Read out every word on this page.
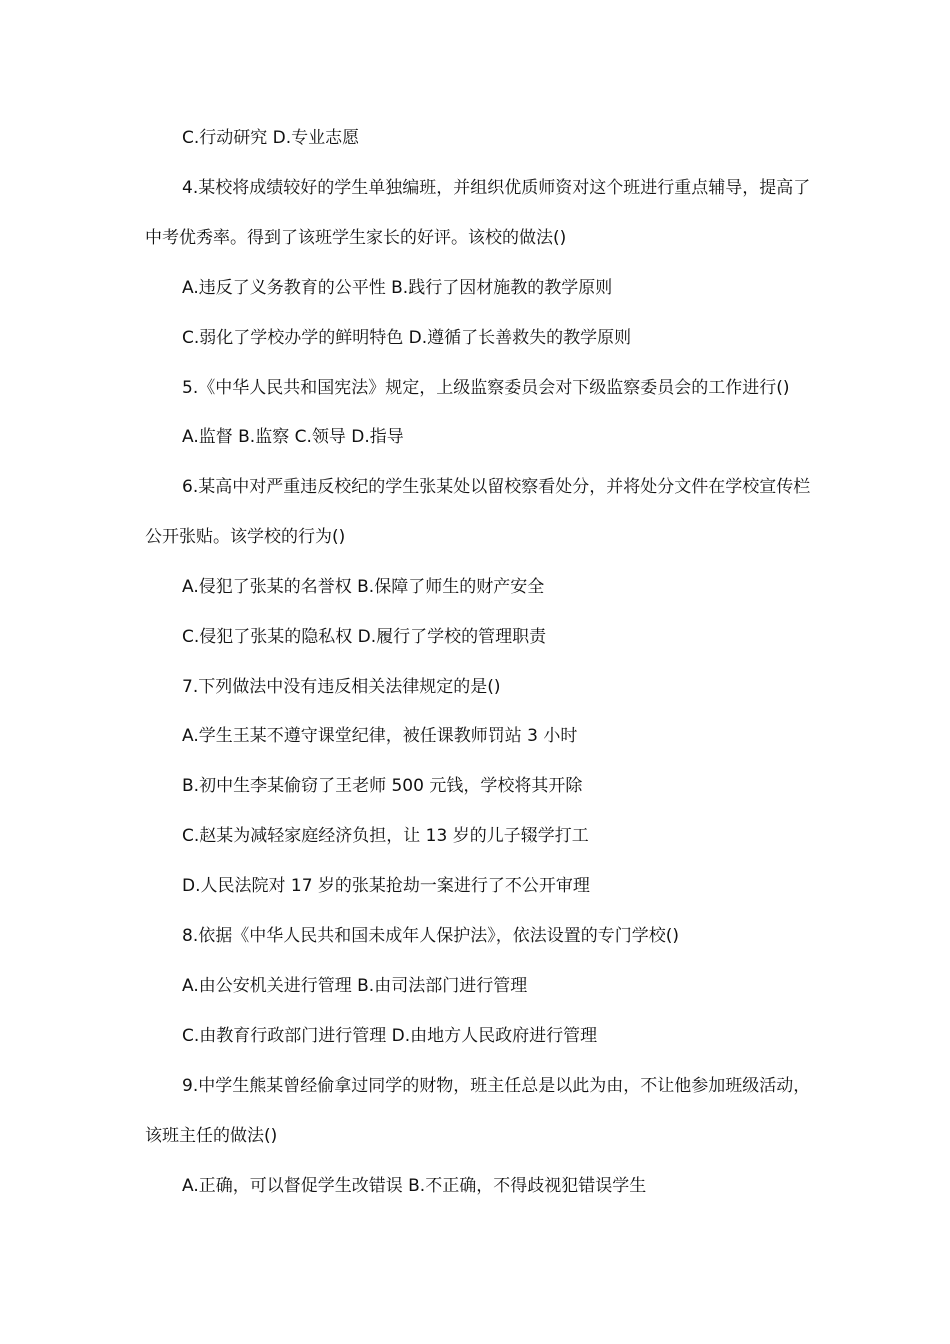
C.行动研究 D.专业志愿
4.某校将成绩较好的学生单独编班，并组织优质师资对这个班进行重点辅导，提高了
中考优秀率。得到了该班学生家长的好评。该校的做法()
A.违反了义务教育的公平性 B.践行了因材施教的教学原则
C.弱化了学校办学的鲜明特色 D.遵循了长善救失的教学原则
5.《中华人民共和国宪法》规定，上级监察委员会对下级监察委员会的工作进行()
A.监督 B.监察 C.领导 D.指导
6.某高中对严重违反校纪的学生张某处以留校察看处分，并将处分文件在学校宣传栏
公开张贴。该学校的行为()
A.侵犯了张某的名誉权 B.保障了师生的财产安全
C.侵犯了张某的隐私权 D.履行了学校的管理职责
7.下列做法中没有违反相关法律规定的是()
A.学生王某不遵守课堂纪律，被任课教师罚站 3 小时
B.初中生李某偷窃了王老师 500 元钱，学校将其开除
C.赵某为减轻家庭经济负担，让 13 岁的儿子辍学打工
D.人民法院对 17 岁的张某抢劫一案进行了不公开审理
8.依据《中华人民共和国未成年人保护法》，依法设置的专门学校()
A.由公安机关进行管理 B.由司法部门进行管理
C.由教育行政部门进行管理 D.由地方人民政府进行管理
9.中学生熊某曾经偷拿过同学的财物，班主任总是以此为由，不让他参加班级活动，
该班主任的做法()
A.正确，可以督促学生改错误 B.不正确，不得歧视犯错误学生
